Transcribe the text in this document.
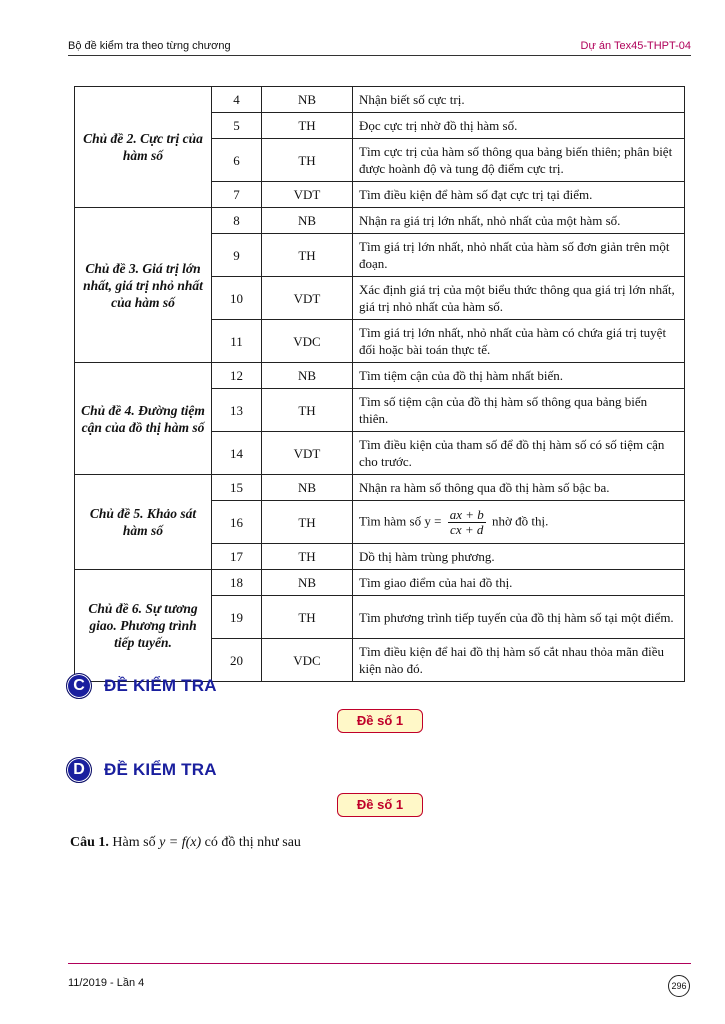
Bộ đề kiểm tra theo từng chương	Dự án Tex45-THPT-04
Chủ đề 2. Cực trị của hàm số	4	NB	Nhận biết số cực trị.
	5	TH	Đọc cực trị nhờ đồ thị hàm số.
	6	TH	Tìm cực trị của hàm số thông qua bảng biến thiên; phân biệt được hoành độ và tung độ điểm cực trị.
	7	VDT	Tìm điều kiện để hàm số đạt cực trị tại điểm.
Chủ đề 3. Giá trị lớn nhất, giá trị nhỏ nhất của hàm số	8	NB	Nhận ra giá trị lớn nhất, nhỏ nhất của một hàm số.
	9	TH	Tìm giá trị lớn nhất, nhỏ nhất của hàm số đơn giản trên một đoạn.
	10	VDT	Xác định giá trị của một biểu thức thông qua giá trị lớn nhất, giá trị nhỏ nhất của hàm số.
	11	VDC	Tìm giá trị lớn nhất, nhỏ nhất của hàm có chứa giá trị tuyệt đối hoặc bài toán thực tế.
Chủ đề 4. Đường tiệm cận của đồ thị hàm số	12	NB	Tìm tiệm cận của đồ thị hàm nhất biến.
	13	TH	Tìm số tiệm cận của đồ thị hàm số thông qua bảng biến thiên.
	14	VDT	Tìm điều kiện của tham số để đồ thị hàm số có số tiệm cận cho trước.
Chủ đề 5. Khảo sát hàm số	15	NB	Nhận ra hàm số thông qua đồ thị hàm số bậc ba.
	16	TH	Tìm hàm số $y = \frac{ax + b}{cx + d}$ nhờ đồ thị.
	17	TH	Dồ thị hàm trùng phương.
Chủ đề 6. Sự tương giao. Phương trình tiếp tuyến.	18	NB	Tìm giao điểm của hai đồ thị.
	19	TH	Tìm phương trình tiếp tuyến của đồ thị hàm số tại một điểm.
	20	VDC	Tìm điều kiện để hai đồ thị hàm số cắt nhau thỏa mãn điều kiện nào đó.
C	ĐỀ KIỂM TRA
Đề số 1
D	ĐỀ KIỂM TRA
Đề số 1
Câu 1. Hàm số y = f(x) có đồ thị như sau
11/2019 - Lần 4	296
